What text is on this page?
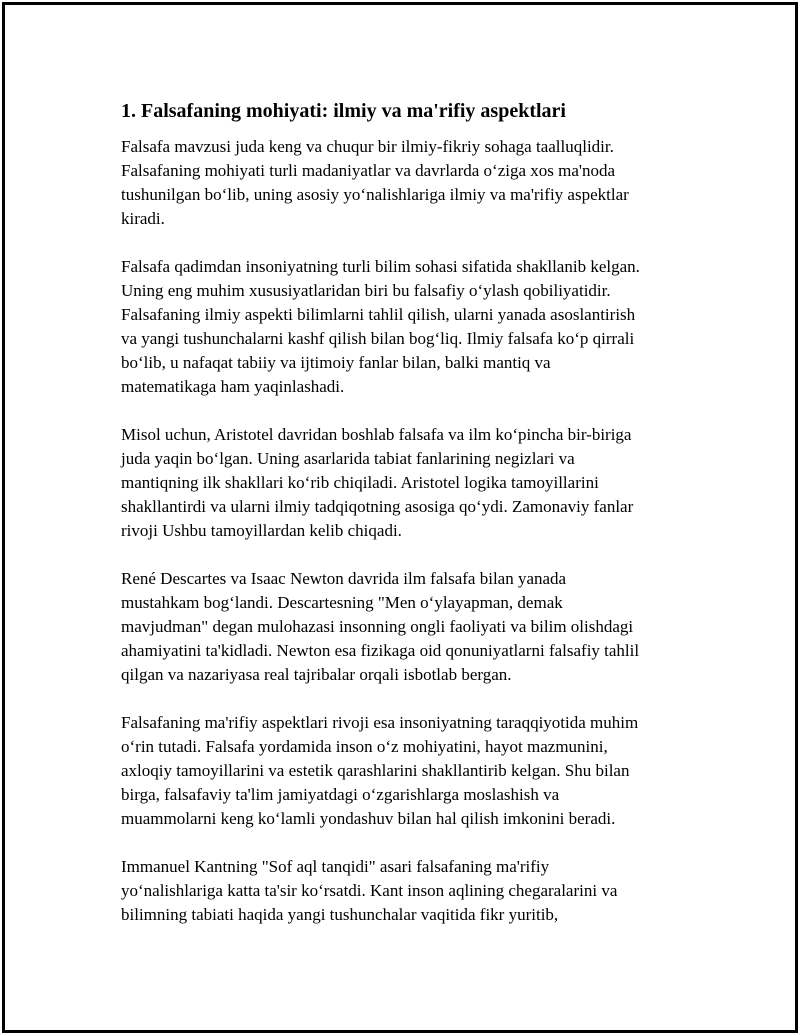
1. Falsafaning mohiyati: ilmiy va ma'rifiy aspektlari

Falsafa mavzusi juda keng va chuqur bir ilmiy-fikriy sohaga taalluqlidir.
Falsafaning mohiyati turli madaniyatlar va davrlarda oʻziga xos ma'noda
tushunilgan boʻlib, uning asosiy yoʻnalishlariga ilmiy va ma'rifiy aspektlar
kiradi.

Falsafa qadimdan insoniyatning turli bilim sohasi sifatida shakllanib kelgan.
Uning eng muhim xususiyatlaridan biri bu falsafiy oʻylash qobiliyatidir.
Falsafaning ilmiy aspekti bilimlarni tahlil qilish, ularni yanada asoslantirish
va yangi tushunchalarni kashf qilish bilan bogʻliq. Ilmiy falsafa koʻp qirrali
boʻlib, u nafaqat tabiiy va ijtimoiy fanlar bilan, balki mantiq va
matematikaga ham yaqinlashadi.

Misol uchun, Aristotel davridan boshlab falsafa va ilm koʻpincha bir-biriga
juda yaqin boʻlgan. Uning asarlarida tabiat fanlarining negizlari va
mantiqning ilk shakllari koʻrib chiqiladi. Aristotel logika tamoyillarini
shakllantirdi va ularni ilmiy tadqiqotning asosiga qoʻydi. Zamonaviy fanlar
rivoji Ushbu tamoyillardan kelib chiqadi.

René Descartes va Isaac Newton davrida ilm falsafa bilan yanada
mustahkam bogʻlandi. Descartesning "Men oʻylayapman, demak
mavjudman" degan mulohazasi insonning ongli faoliyati va bilim olishdagi
ahamiyatini ta'kidladi. Newton esa fizikaga oid qonuniyatlarni falsafiy tahlil
qilgan va nazariyasa real tajribalar orqali isbotlab bergan.

Falsafaning ma'rifiy aspektlari rivoji esa insoniyatning taraqqiyotida muhim
oʻrin tutadi. Falsafa yordamida inson oʻz mohiyatini, hayot mazmunini,
axloqiy tamoyillarini va estetik qarashlarini shakllantirib kelgan. Shu bilan
birga, falsafaviy ta'lim jamiyatdagi oʻzgarishlarga moslashish va
muammolarni keng koʻlamli yondashuv bilan hal qilish imkonini beradi.

Immanuel Kantning "Sof aql tanqidi" asari falsafaning ma'rifiy
yoʻnalishlariga katta ta'sir koʻrsatdi. Kant inson aqlining chegaralarini va
bilimning tabiati haqida yangi tushunchalar vaqitida fikr yuritib,
